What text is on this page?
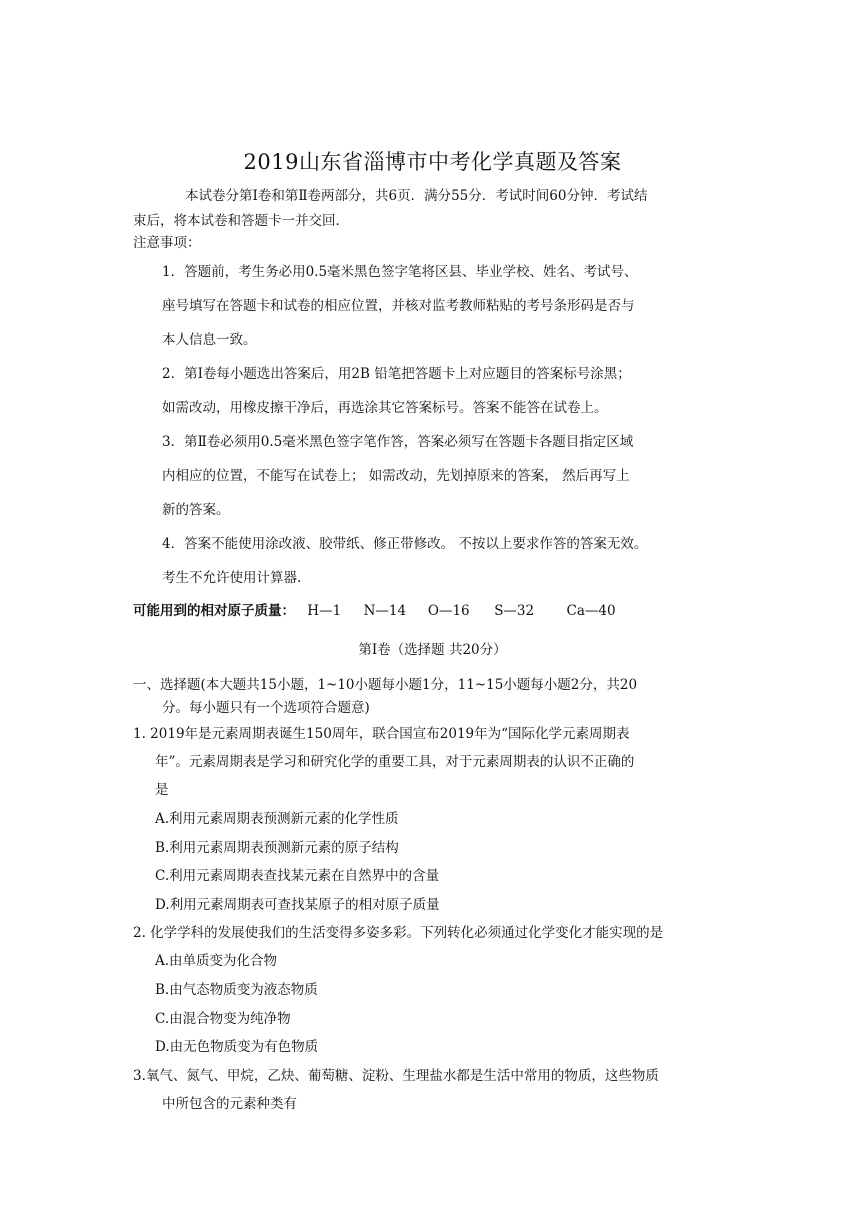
2019山东省淄博市中考化学真题及答案
本试卷分第Ⅰ卷和第Ⅱ卷两部分，共6页．满分55分．考试时间60分钟．考试结
束后，将本试卷和答题卡一并交回．
注意事项：
1．答题前，考生务必用0.5毫米黑色签字笔将区县、毕业学校、姓名、考试号、
座号填写在答题卡和试卷的相应位置，并核对监考教师粘贴的考号条形码是否与
本人信息一致。
2．第Ⅰ卷每小题选出答案后，用2B 铅笔把答题卡上对应题目的答案标号涂黑；
如需改动，用橡皮擦干净后，再选涂其它答案标号。答案不能答在试卷上。
3．第Ⅱ卷必须用0.5毫米黑色签字笔作答，答案必须写在答题卡各题目指定区域
内相应的位置，不能写在试卷上； 如需改动，先划掉原来的答案， 然后再写上
新的答案。
4．答案不能使用涂改液、胶带纸、修正带修改。 不按以上要求作答的答案无效。
考生不允许使用计算器.
可能用到的相对原子质量： H—1 N—14 O—16 S—32 Ca—40
第Ⅰ卷（选择题 共20分）
一、选择题(本大题共15小题，1~10小题每小题1分，11~15小题每小题2分，共20
分。每小题只有一个选项符合题意)
1. 2019年是元素周期表诞生150周年，联合国宣布2019年为“国际化学元素周期表
年”。元素周期表是学习和研究化学的重要工具，对于元素周期表的认识不正确的
是
A.利用元素周期表预测新元素的化学性质
B.利用元素周期表预测新元素的原子结构
C.利用元素周期表查找某元素在自然界中的含量
D.利用元素周期表可查找某原子的相对原子质量
2. 化学学科的发展使我们的生活变得多姿多彩。下列转化必须通过化学变化才能实现的是
A.由单质变为化合物
B.由气态物质变为液态物质
C.由混合物变为纯净物
D.由无色物质变为有色物质
3.氧气、氮气、甲烷，乙炔、葡萄糖、淀粉、生理盐水都是生活中常用的物质，这些物质
中所包含的元素种类有
